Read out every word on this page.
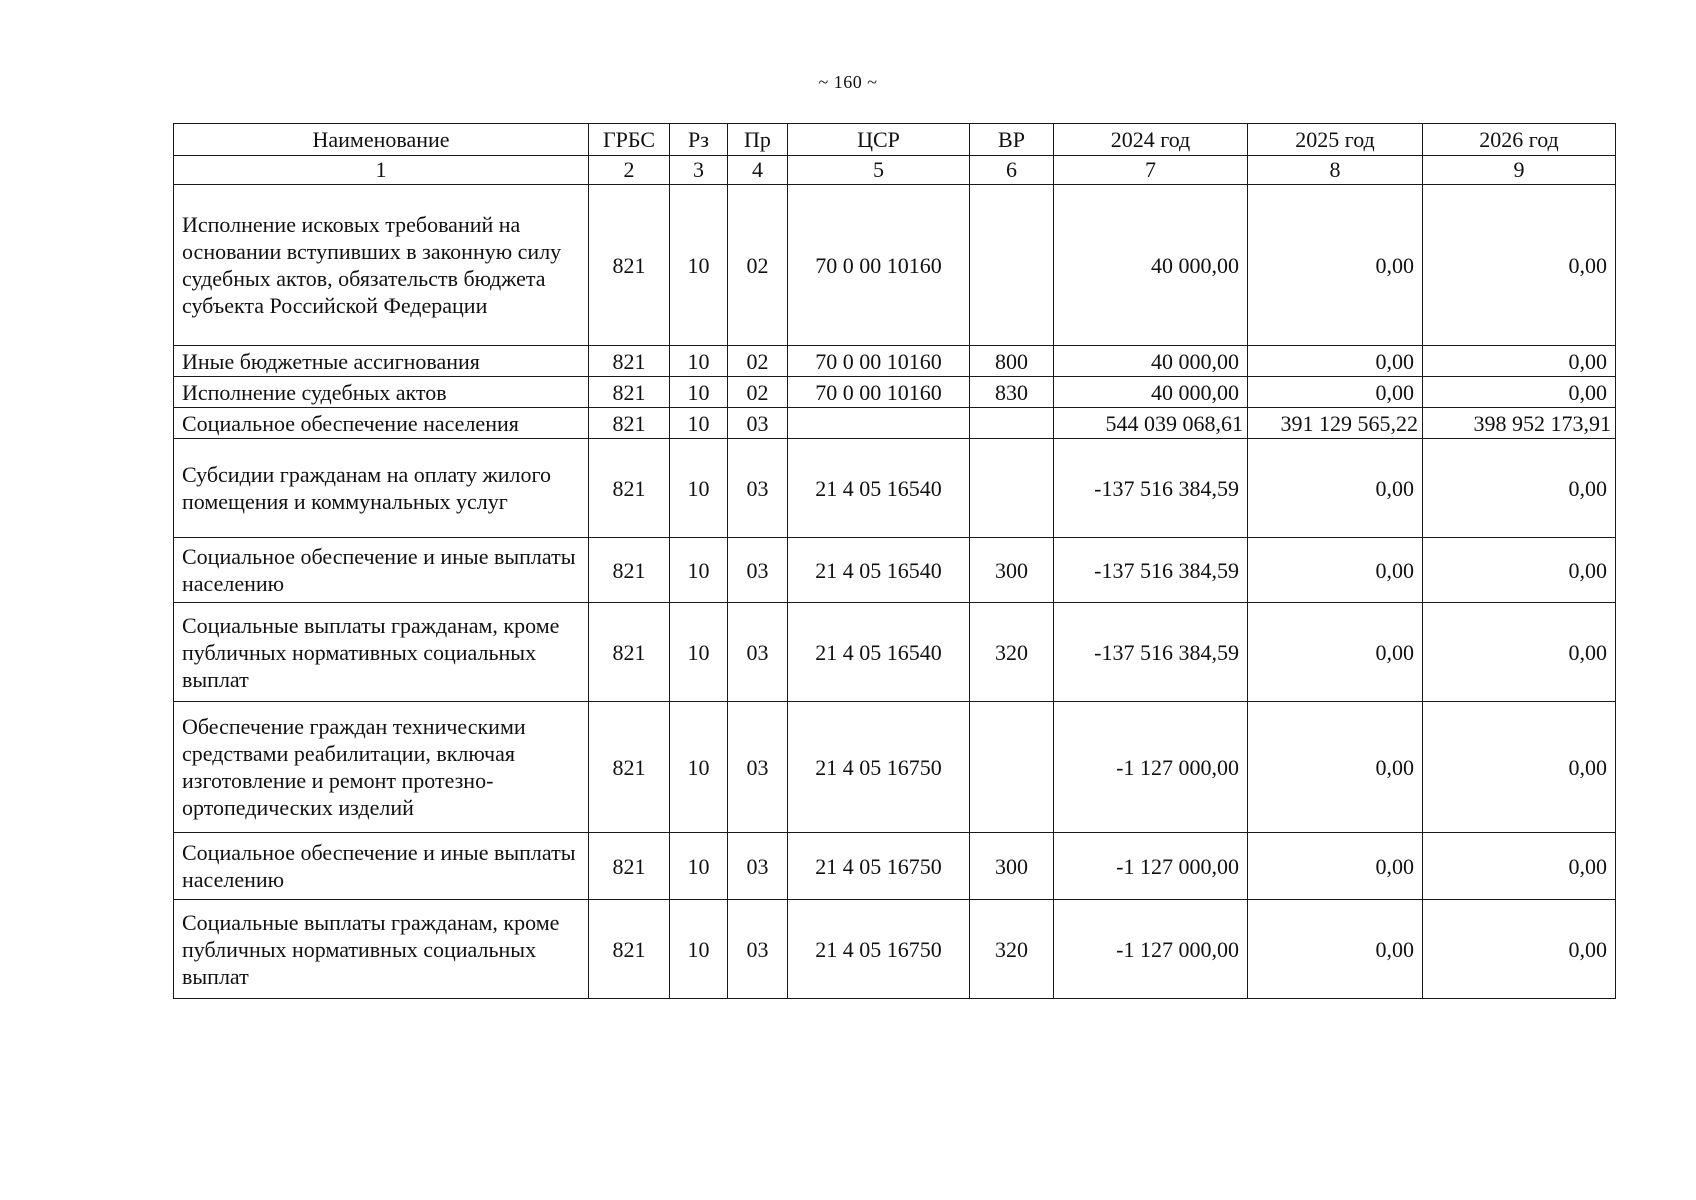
~ 160 ~
Наименование	ГРБС	Рз	Пр	ЦСР	ВР	2024 год	2025 год	2026 год
1	2	3	4	5	6	7	8	9
Исполнение исковых требований на основании вступивших в законную силу судебных актов, обязательств бюджета субъекта Российской Федерации	821	10	02	70 0 00 10160		40 000,00	0,00	0,00
Иные бюджетные ассигнования	821	10	02	70 0 00 10160	800	40 000,00	0,00	0,00
Исполнение судебных актов	821	10	02	70 0 00 10160	830	40 000,00	0,00	0,00
Социальное обеспечение населения	821	10	03			544 039 068,61	391 129 565,22	398 952 173,91
Субсидии гражданам на оплату жилого помещения и коммунальных услуг	821	10	03	21 4 05 16540		-137 516 384,59	0,00	0,00
Социальное обеспечение и иные выплаты населению	821	10	03	21 4 05 16540	300	-137 516 384,59	0,00	0,00
Социальные выплаты гражданам, кроме публичных нормативных социальных выплат	821	10	03	21 4 05 16540	320	-137 516 384,59	0,00	0,00
Обеспечение граждан техническими средствами реабилитации, включая изготовление и ремонт протезно-ортопедических изделий	821	10	03	21 4 05 16750		-1 127 000,00	0,00	0,00
Социальное обеспечение и иные выплаты населению	821	10	03	21 4 05 16750	300	-1 127 000,00	0,00	0,00
Социальные выплаты гражданам, кроме публичных нормативных социальных выплат	821	10	03	21 4 05 16750	320	-1 127 000,00	0,00	0,00
